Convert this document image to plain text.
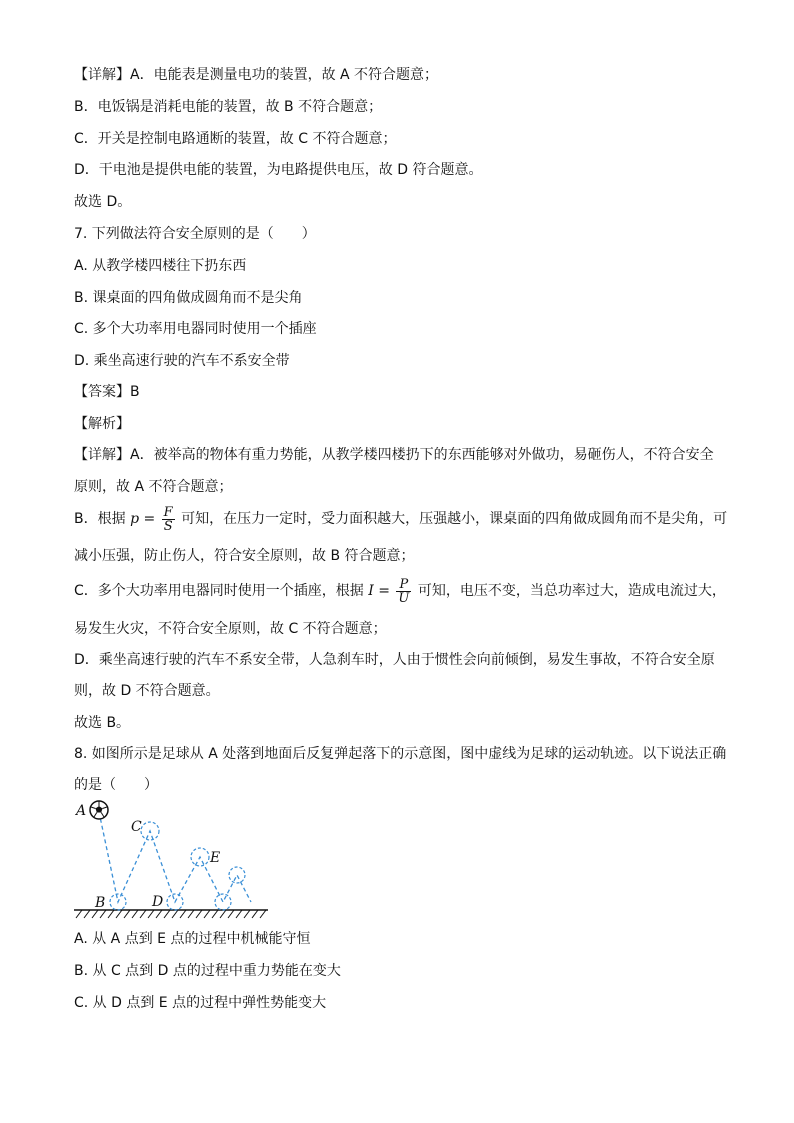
【详解】A．电能表是测量电功的装置，故 A 不符合题意；
B．电饭锅是消耗电能的装置，故 B 不符合题意；
C．开关是控制电路通断的装置，故 C 不符合题意；
D．干电池是提供电能的装置，为电路提供电压，故 D 符合题意。
故选 D。
7. 下列做法符合安全原则的是（　　）
A. 从教学楼四楼往下扔东西
B. 课桌面的四角做成圆角而不是尖角
C. 多个大功率用电器同时使用一个插座
D. 乘坐高速行驶的汽车不系安全带
【答案】B
【解析】
【详解】A．被举高的物体有重力势能，从教学楼四楼扔下的东西能够对外做功，易砸伤人，不符合安全
原则，故 A 不符合题意；
B．根据 $p = \frac{F}{S}$ 可知，在压力一定时，受力面积越大，压强越小，课桌面的四角做成圆角而不是尖角，可
减小压强，防止伤人，符合安全原则，故 B 符合题意；
C．多个大功率用电器同时使用一个插座，根据 $I = \frac{P}{U}$ 可知，电压不变，当总功率过大，造成电流过大，
易发生火灾，不符合安全原则，故 C 不符合题意；
D．乘坐高速行驶的汽车不系安全带，人急刹车时，人由于惯性会向前倾倒，易发生事故，不符合安全原
则，故 D 不符合题意。
故选 B。
8. 如图所示是足球从 A 处落到地面后反复弹起落下的示意图，图中虚线为足球的运动轨迹。以下说法正确
的是（　　）
A
C
E
B	D
A. 从 A 点到 E 点的过程中机械能守恒
B. 从 C 点到 D 点的过程中重力势能在变大
C. 从 D 点到 E 点的过程中弹性势能变大
